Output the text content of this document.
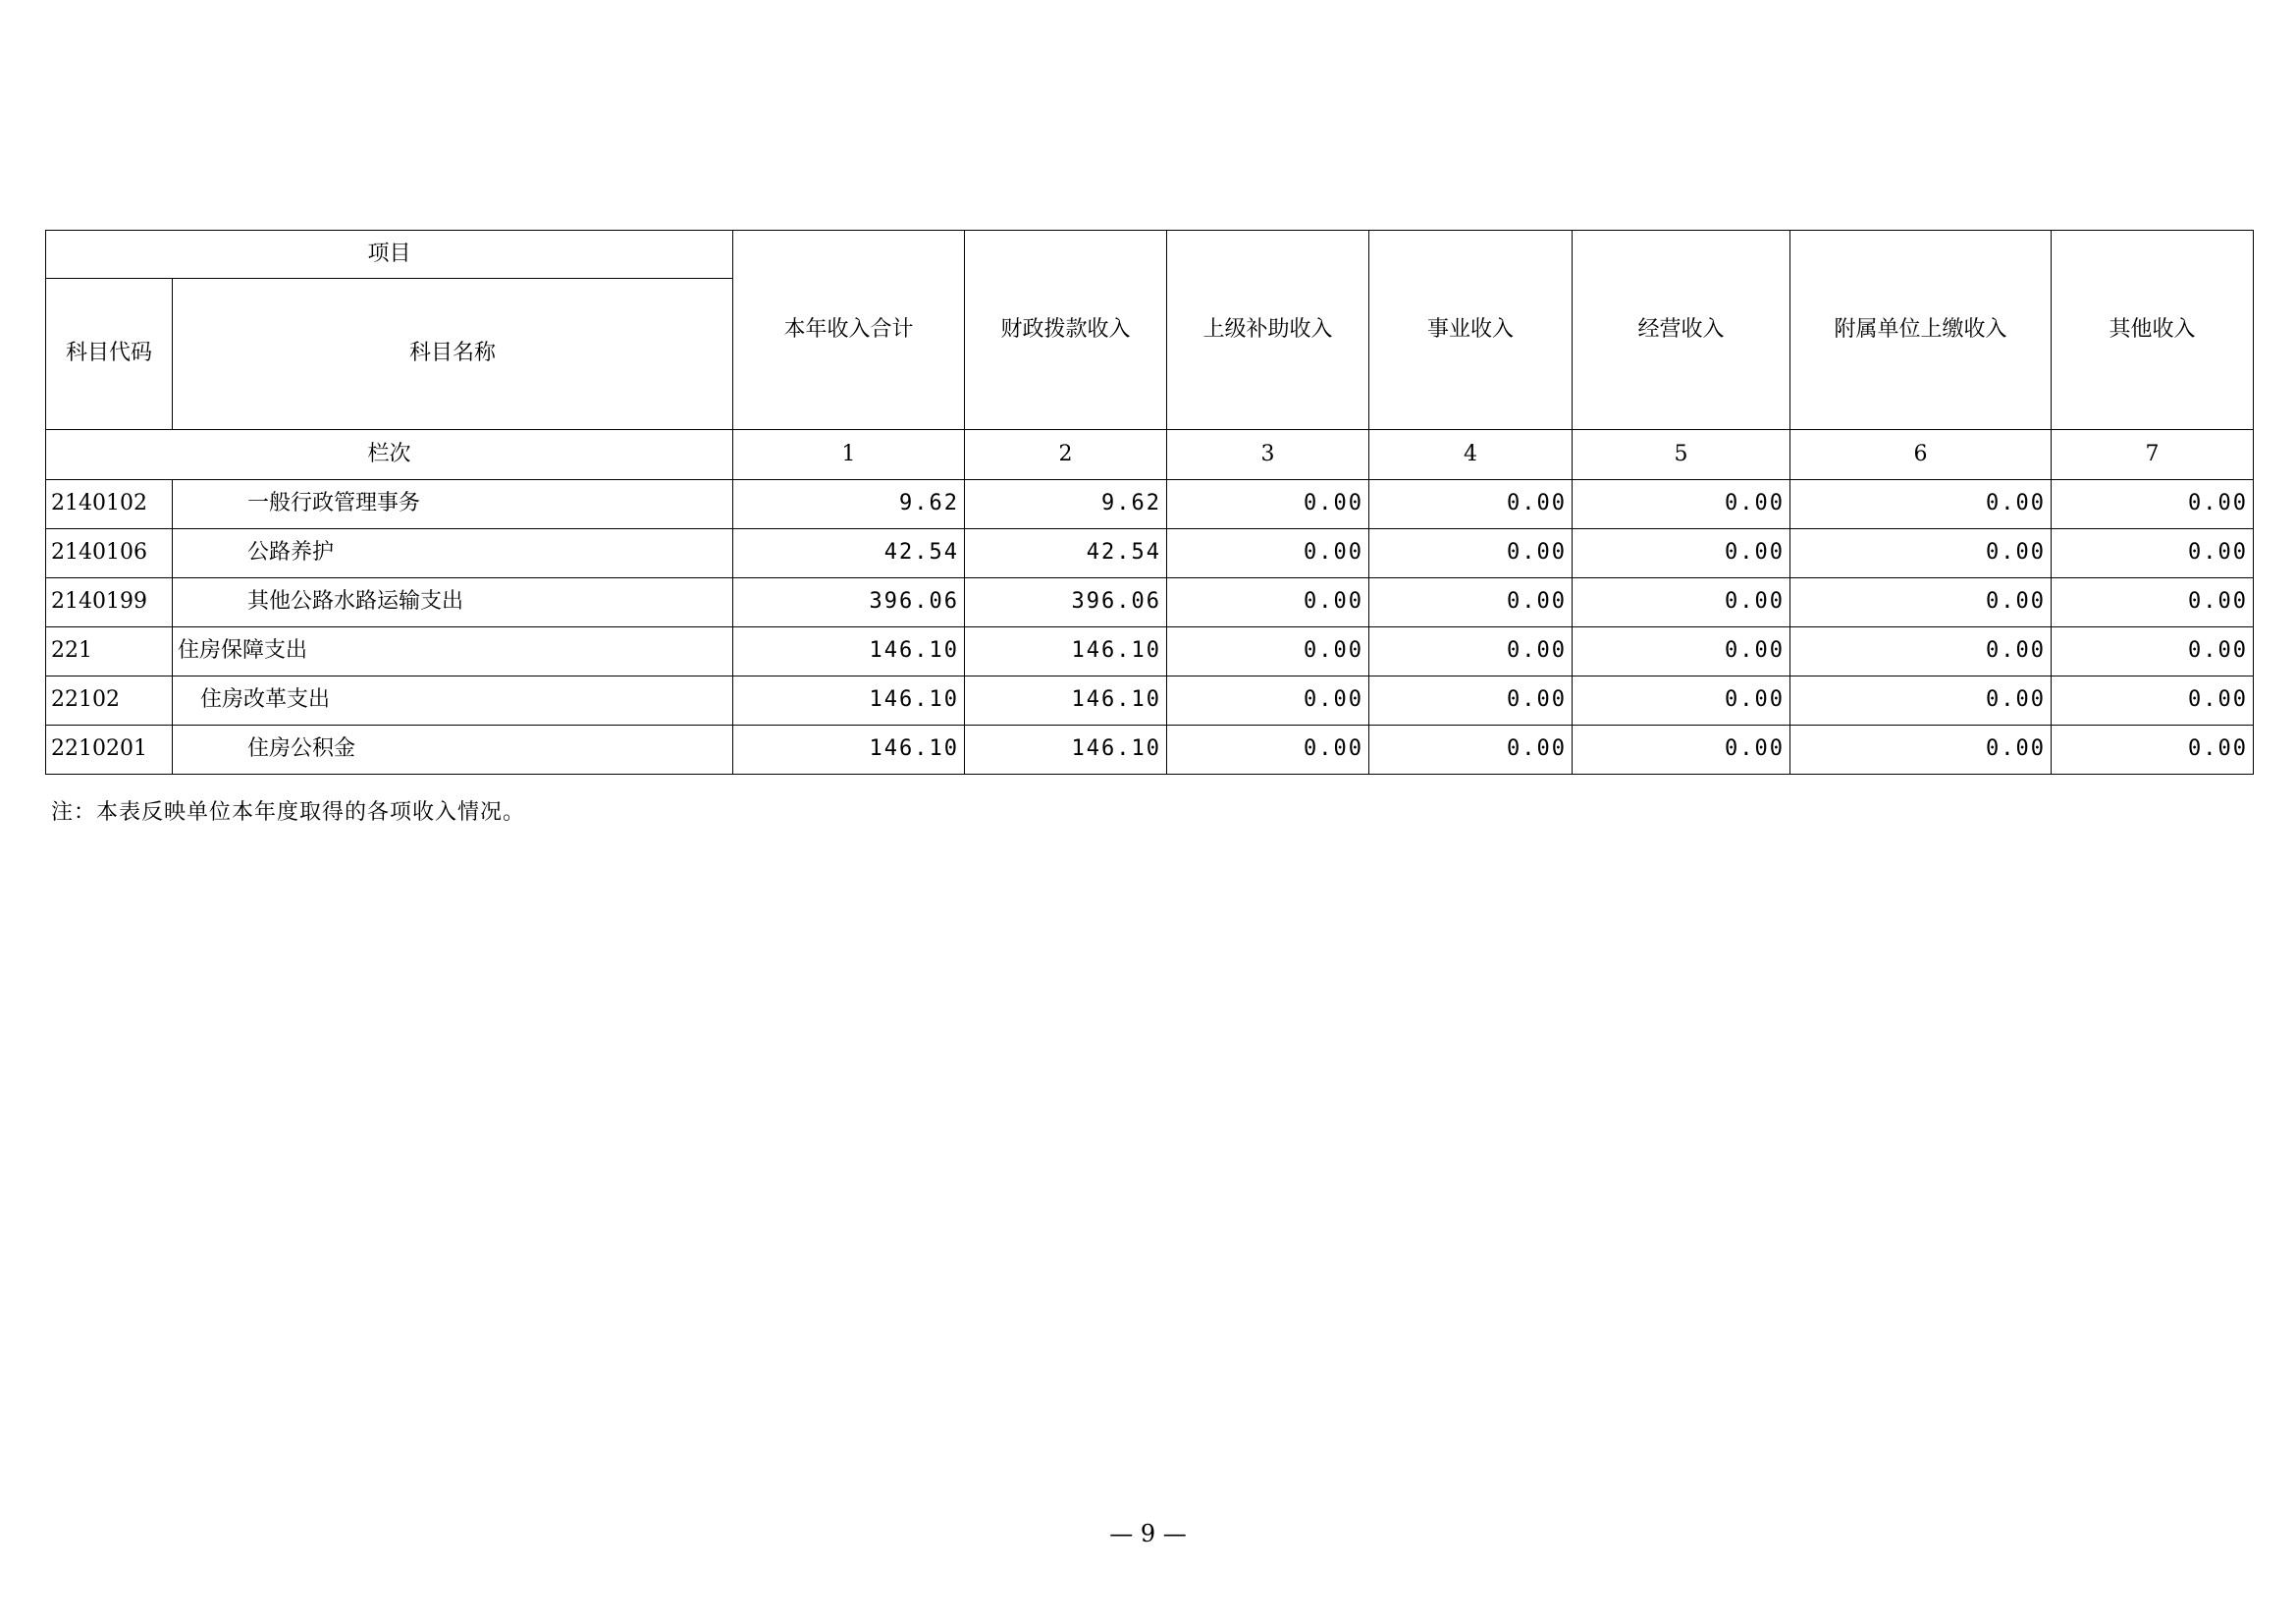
项目		本年收入合计	财政拨款收入	上级补助收入	事业收入	经营收入	附属单位上缴收入	其他收入
科目代码	科目名称							
栏次		1	2	3	4	5	6	7
2140102	一般行政管理事务	9.62	9.62	0.00	0.00	0.00	0.00	0.00
2140106	公路养护	42.54	42.54	0.00	0.00	0.00	0.00	0.00
2140199	其他公路水路运输支出	396.06	396.06	0.00	0.00	0.00	0.00	0.00
221	住房保障支出	146.10	146.10	0.00	0.00	0.00	0.00	0.00
22102	住房改革支出	146.10	146.10	0.00	0.00	0.00	0.00	0.00
2210201	住房公积金	146.10	146.10	0.00	0.00	0.00	0.00	0.00
注：本表反映单位本年度取得的各项收入情况。
— 9 —
